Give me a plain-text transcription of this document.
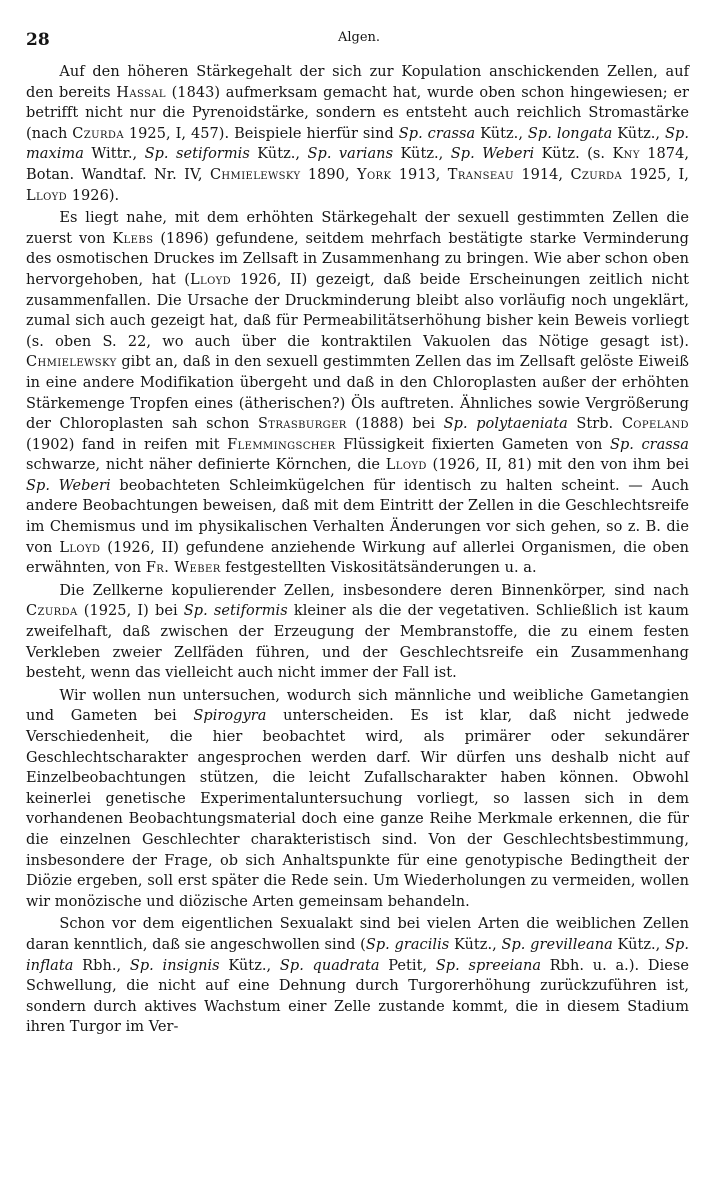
28	Algen.

Auf den höheren Stärkegehalt der sich zur Kopulation anschickenden Zellen, auf den bereits Hassal (1843) aufmerksam gemacht hat, wurde oben schon hingewiesen; er betrifft nicht nur die Pyrenoidstärke, sondern es entsteht auch reichlich Stromastärke (nach Czurda 1925, I, 457). Beispiele hierfür sind Sp. crassa Kütz., Sp. longata Kütz., Sp. maxima Wittr., Sp. setiformis Kütz., Sp. varians Kütz., Sp. Weberi Kütz. (s. Kny 1874, Botan. Wandtaf. Nr. IV, Chmielewsky 1890, York 1913, Transeau 1914, Czurda 1925, I, Lloyd 1926).

Es liegt nahe, mit dem erhöhten Stärkegehalt der sexuell gestimmten Zellen die zuerst von Klebs (1896) gefundene, seitdem mehrfach bestätigte starke Verminderung des osmotischen Druckes im Zellsaft in Zusammenhang zu bringen. Wie aber schon oben hervorgehoben, hat (Lloyd 1926, II) gezeigt, daß beide Erscheinungen zeitlich nicht zusammenfallen. Die Ursache der Druckminderung bleibt also vorläufig noch ungeklärt, zumal sich auch gezeigt hat, daß für Permeabilitätserhöhung bisher kein Beweis vorliegt (s. oben S. 22, wo auch über die kontraktilen Vakuolen das Nötige gesagt ist). Chmielewsky gibt an, daß in den sexuell gestimmten Zellen das im Zellsaft gelöste Eiweiß in eine andere Modifikation übergeht und daß in den Chloroplasten außer der erhöhten Stärkemenge Tropfen eines (ätherischen?) Öls auftreten. Ähnliches sowie Vergrößerung der Chloroplasten sah schon Strasburger (1888) bei Sp. polytaeniata Strb. Copeland (1902) fand in reifen mit Flemmingscher Flüssigkeit fixierten Gameten von Sp. crassa schwarze, nicht näher definierte Körnchen, die Lloyd (1926, II, 81) mit den von ihm bei Sp. Weberi beobachteten Schleimkügelchen für identisch zu halten scheint. — Auch andere Beobachtungen beweisen, daß mit dem Eintritt der Zellen in die Geschlechtsreife im Chemismus und im physikalischen Verhalten Änderungen vor sich gehen, so z. B. die von Lloyd (1926, II) gefundene anziehende Wirkung auf allerlei Organismen, die oben erwähnten, von Fr. Weber festgestellten Viskositätsänderungen u. a.

Die Zellkerne kopulierender Zellen, insbesondere deren Binnenkörper, sind nach Czurda (1925, I) bei Sp. setiformis kleiner als die der vegetativen. Schließlich ist kaum zweifelhaft, daß zwischen der Erzeugung der Membranstoffe, die zu einem festen Verkleben zweier Zellfäden führen, und der Geschlechtsreife ein Zusammenhang besteht, wenn das vielleicht auch nicht immer der Fall ist.

Wir wollen nun untersuchen, wodurch sich männliche und weibliche Gametangien und Gameten bei Spirogyra unterscheiden. Es ist klar, daß nicht jedwede Verschiedenheit, die hier beobachtet wird, als primärer oder sekundärer Geschlechtscharakter angesprochen werden darf. Wir dürfen uns deshalb nicht auf Einzelbeobachtungen stützen, die leicht Zufallscharakter haben können. Obwohl keinerlei genetische Experimentaluntersuchung vorliegt, so lassen sich in dem vorhandenen Beobachtungsmaterial doch eine ganze Reihe Merkmale erkennen, die für die einzelnen Geschlechter charakteristisch sind. Von der Geschlechtsbestimmung, insbesondere der Frage, ob sich Anhaltspunkte für eine genotypische Bedingtheit der Diözie ergeben, soll erst später die Rede sein. Um Wiederholungen zu vermeiden, wollen wir monözische und diözische Arten gemeinsam behandeln.

Schon vor dem eigentlichen Sexualakt sind bei vielen Arten die weiblichen Zellen daran kenntlich, daß sie angeschwollen sind (Sp. gracilis Kütz., Sp. grevilleana Kütz., Sp. inflata Rbh., Sp. insignis Kütz., Sp. quadrata Petit, Sp. spreeiana Rbh. u. a.). Diese Schwellung, die nicht auf eine Dehnung durch Turgorerhöhung zurückzuführen ist, sondern durch aktives Wachstum einer Zelle zustande kommt, die in diesem Stadium ihren Turgor im Ver-
